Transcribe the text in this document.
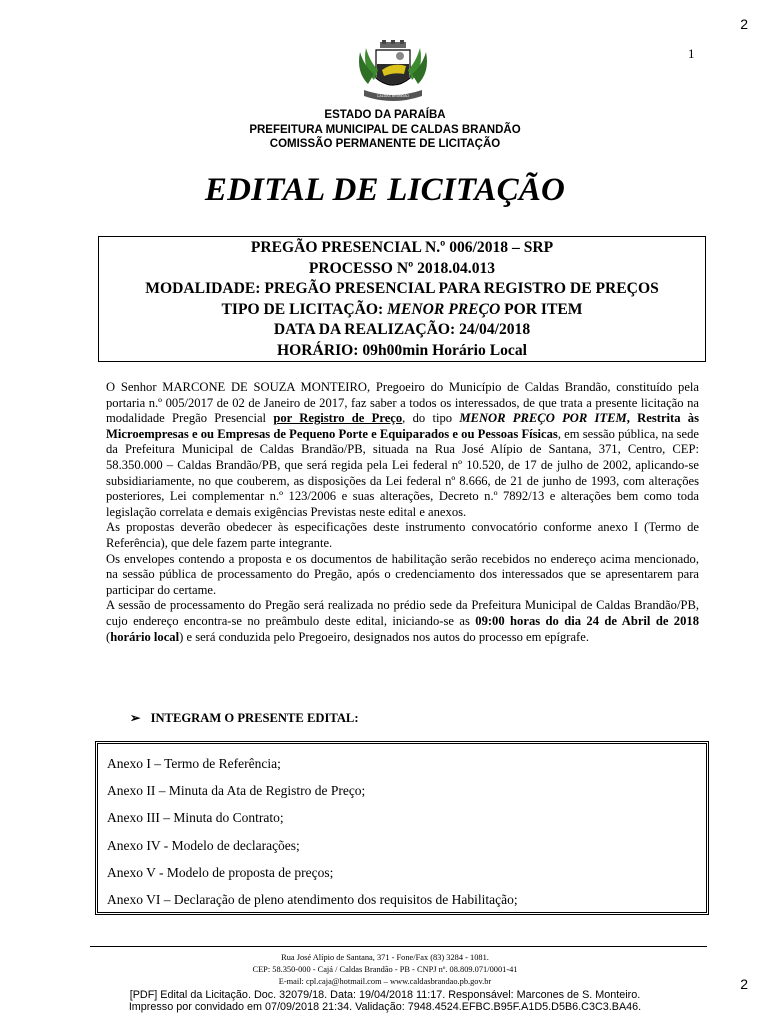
2
1
CALDAS BRANDÃO
ESTADO DA PARAÍBA
PREFEITURA MUNICIPAL DE CALDAS BRANDÃO
COMISSÃO PERMANENTE DE LICITAÇÃO
EDITAL DE LICITAÇÃO
PREGÃO PRESENCIAL N.º 006/2018 – SRP
PROCESSO Nº 2018.04.013
MODALIDADE: PREGÃO PRESENCIAL PARA REGISTRO DE PREÇOS
TIPO DE LICITAÇÃO: MENOR PREÇO POR ITEM
DATA DA REALIZAÇÃO: 24/04/2018
HORÁRIO: 09h00min Horário Local

O Senhor MARCONE DE SOUZA MONTEIRO, Pregoeiro do Município de Caldas Brandão, constituído pela portaria n.º 005/2017 de 02 de Janeiro de 2017, faz saber a todos os interessados, de que trata a presente licitação na modalidade Pregão Presencial por Registro de Preço, do tipo MENOR PREÇO POR ITEM, Restrita às Microempresas e ou Empresas de Pequeno Porte e Equiparados e ou Pessoas Físicas, em sessão pública, na sede da Prefeitura Municipal de Caldas Brandão/PB, situada na Rua José Alípio de Santana, 371, Centro, CEP: 58.350.000 – Caldas Brandão/PB, que será regida pela Lei federal nº 10.520, de 17 de julho de 2002, aplicando-se subsidiariamente, no que couberem, as disposições da Lei federal nº 8.666, de 21 de junho de 1993, com alterações posteriores, Lei complementar n.º 123/2006 e suas alterações, Decreto n.º 7892/13 e alterações bem como toda legislação correlata e demais exigências Previstas neste edital e anexos.

As propostas deverão obedecer às especificações deste instrumento convocatório conforme anexo I (Termo de Referência), que dele fazem parte integrante.

Os envelopes contendo a proposta e os documentos de habilitação serão recebidos no endereço acima mencionado, na sessão pública de processamento do Pregão, após o credenciamento dos interessados que se apresentarem para participar do certame.

A sessão de processamento do Pregão será realizada no prédio sede da Prefeitura Municipal de Caldas Brandão/PB, cujo endereço encontra-se no preâmbulo deste edital, iniciando-se as 09:00 horas do dia 24 de Abril de 2018 (horário local) e será conduzida pelo Pregoeiro, designados nos autos do processo em epígrafe.

➢ INTEGRAM O PRESENTE EDITAL:
Anexo I – Termo de Referência;
Anexo II – Minuta da Ata de Registro de Preço;
Anexo III – Minuta do Contrato;
Anexo IV - Modelo de declarações;
Anexo V - Modelo de proposta de preços;
Anexo VI – Declaração de pleno atendimento dos requisitos de Habilitação;
Rua José Alípio de Santana, 371 - Fone/Fax (83) 3284 - 1081.
CEP: 58.350-000 - Cajá / Caldas Brandão - PB - CNPJ nº. 08.809.071/0001-41
E-mail: cpl.caja@hotmail.com – www.caldasbrandao.pb.gov.br	2
[PDF] Edital da Licitação. Doc. 32079/18. Data: 19/04/2018 11:17. Responsável: Marcones de S. Monteiro.
Impresso por convidado em 07/09/2018 21:34. Validação: 7948.4524.EFBC.B95F.A1D5.D5B6.C3C3.BA46.
